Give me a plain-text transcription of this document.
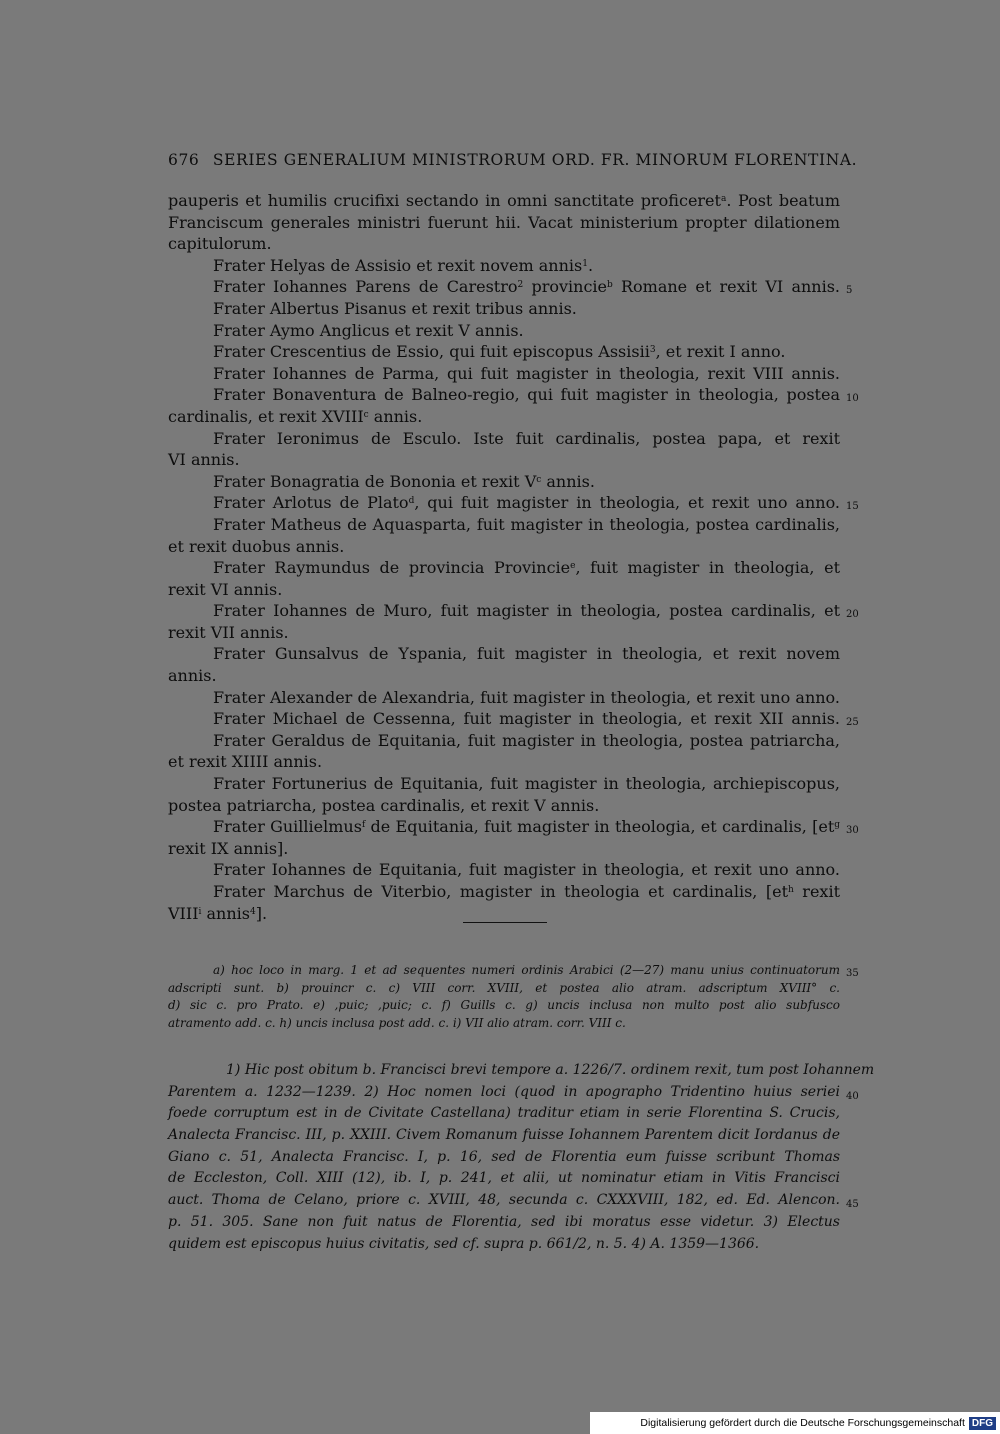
676 SERIES GENERALIUM MINISTRORUM ORD. FR. MINORUM FLORENTINA.
pauperis et humilis crucifixi sectando in omni sanctitate proficeret$^a$. Post beatum
Franciscum generales ministri fuerunt hii. Vacat ministerium propter dilationem
capitulorum.
Frater Helyas de Assisio et rexit novem annis$^1$.
Frater Iohannes Parens de Carestro$^2$ provincie$^b$ Romane et rexit VI annis. 5
Frater Albertus Pisanus et rexit tribus annis.
Frater Aymo Anglicus et rexit V annis.
Frater Crescentius de Essio, qui fuit episcopus Assisii$^3$, et rexit I anno.
Frater Iohannes de Parma, qui fuit magister in theologia, rexit VIII annis.
Frater Bonaventura de Balneo-regio, qui fuit magister in theologia, postea 10
cardinalis, et rexit XVIII$^c$ annis.
Frater Ieronimus de Esculo. Iste fuit cardinalis, postea papa, et rexit
VI annis.
Frater Bonagratia de Bononia et rexit $V^c$ annis.
Frater Arlotus de Plato$^d$, qui fuit magister in theologia, et rexit uno anno. 15
Frater Matheus de Aquasparta, fuit magister in theologia, postea cardinalis,
et rexit duobus annis.
Frater Raymundus de provincia Provincie$^e$, fuit magister in theologia, et
rexit VI annis.
Frater Iohannes de Muro, fuit magister in theologia, postea cardinalis, et 20
rexit VII annis.
Frater Gunsalvus de Yspania, fuit magister in theologia, et rexit novem
annis.
Frater Alexander de Alexandria, fuit magister in theologia, et rexit uno anno.
Frater Michael de Cessenna, fuit magister in theologia, et rexit XII annis. 25
Frater Geraldus de Equitania, fuit magister in theologia, postea patriarcha,
et rexit XIIII annis.
Frater Fortunerius de Equitania, fuit magister in theologia, archiepiscopus,
postea patriarcha, postea cardinalis, et rexit V annis.
Frater Guillielmus$^f$ de Equitania, fuit magister in theologia, et cardinalis, [$et^g$ 30
rexit IX annis].
Frater Iohannes de Equitania, fuit magister in theologia, et rexit uno anno.
Frater Marchus de Viterbio, magister in theologia et cardinalis, [$et^h$ rexit
VIII$^i$ annis$^4$].
a) hoc loco in marg. 1 et ad sequentes numeri ordinis Arabici (2—27) manu unius continuatorum 35
adscripti sunt. b) prouincr c. c) VIII corr. XVIII, et postea alio atram. adscriptum XVIII° c.
d) sic c. pro Prato. e) ,puic; ,puic; c. f) Guills c. g) uncis inclusa non multo post alio subfusco
atramento add. c. h) uncis inclusa post add. c. i) VII alio atram. corr. VIII c.
1) Hic post obitum b. Francisci brevi tempore a. 1226/7. ordinem rexit, tum post Iohannem
Parentem a. 1232—1239. 2) Hoc nomen loci (quod in apographo Tridentino huius seriei 40
foede corruptum est in de Civitate Castellana) traditur etiam in serie Florentina S. Crucis,
Analecta Francisc. III, p. XXIII. Civem Romanum fuisse Iohannem Parentem dicit Iordanus de
Giano c. 51, Analecta Francisc. I, p. 16, sed de Florentia eum fuisse scribunt Thomas
de Eccleston, Coll. XIII (12), ib. I, p. 241, et alii, ut nominatur etiam in Vitis Francisci
auct. Thoma de Celano, priore c. XVIII, 48, secunda c. CXXXVIII, 182, ed. Ed. Alencon. 45
p. 51. 305. Sane non fuit natus de Florentia, sed ibi moratus esse videtur. 3) Electus
quidem est episcopus huius civitatis, sed cf. supra p. 661/2, n. 5. 4) A. 1359—1366.
Digitalisierung gefördert durch die Deutsche Forschungsgemeinschaft DFG
